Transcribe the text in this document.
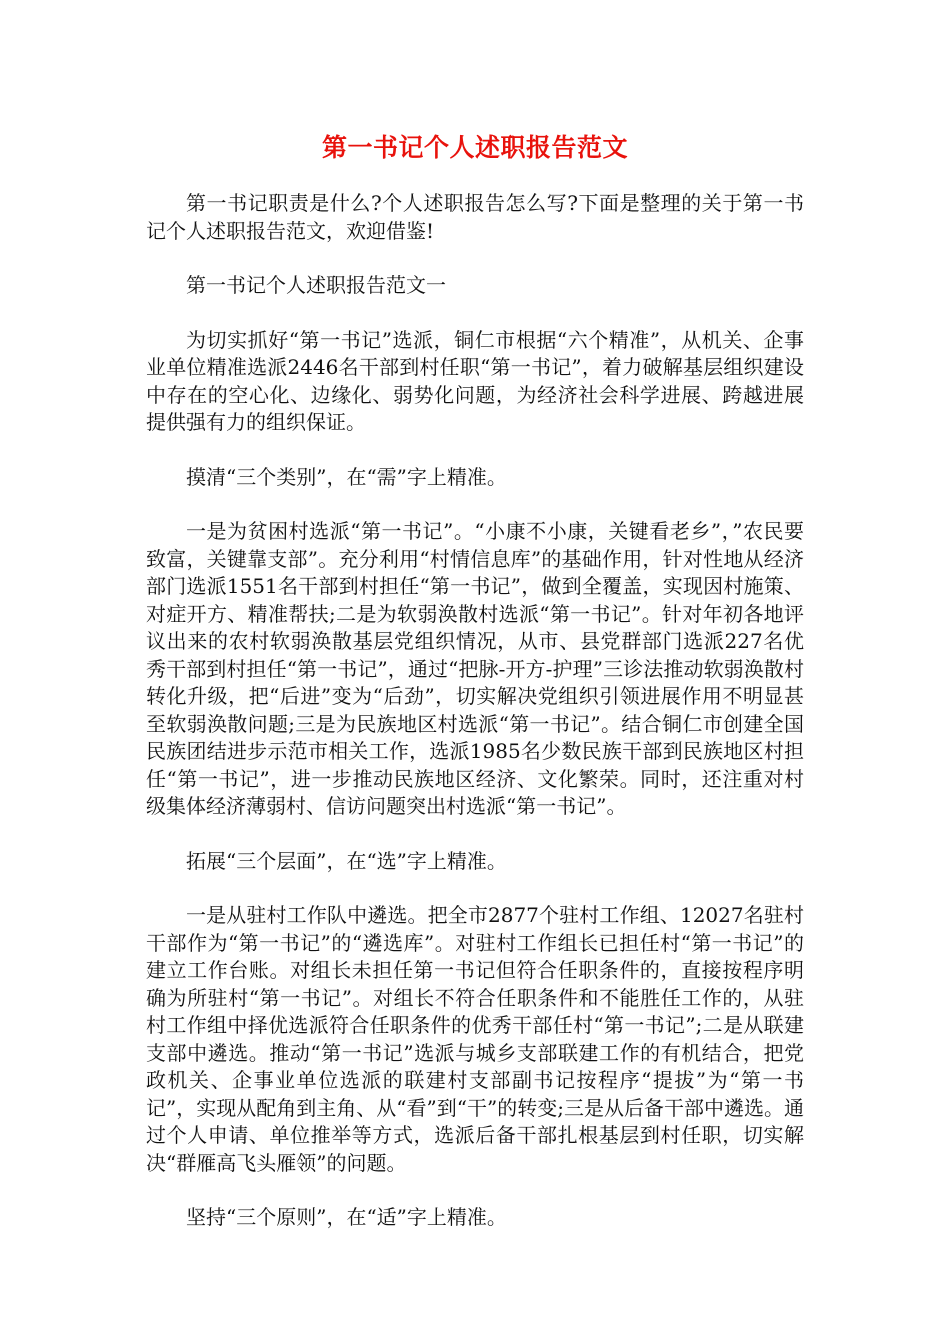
第一书记个人述职报告范文

第一书记职责是什么?个人述职报告怎么写?下面是整理的关于第一书记个人述职报告范文，欢迎借鉴!

第一书记个人述职报告范文一

为切实抓好“第一书记”选派，铜仁市根据“六个精准”，从机关、企事业单位精准选派2446名干部到村任职“第一书记”，着力破解基层组织建设中存在的空心化、边缘化、弱势化问题，为经济社会科学进展、跨越进展提供强有力的组织保证。

摸清“三个类别”，在“需”字上精准。

一是为贫困村选派“第一书记”。“小康不小康，关键看老乡”，”农民要致富，关键靠支部”。充分利用“村情信息库”的基础作用，针对性地从经济部门选派1551名干部到村担任“第一书记”，做到全覆盖，实现因村施策、对症开方、精准帮扶;二是为软弱涣散村选派“第一书记”。针对年初各地评议出来的农村软弱涣散基层党组织情况，从市、县党群部门选派227名优秀干部到村担任“第一书记”，通过“把脉-开方-护理”三诊法推动软弱涣散村转化升级，把“后进”变为“后劲”，切实解决党组织引领进展作用不明显甚至软弱涣散问题;三是为民族地区村选派“第一书记”。结合铜仁市创建全国民族团结进步示范市相关工作，选派1985名少数民族干部到民族地区村担任“第一书记”，进一步推动民族地区经济、文化繁荣。同时，还注重对村级集体经济薄弱村、信访问题突出村选派“第一书记”。

拓展“三个层面”，在“选”字上精准。

一是从驻村工作队中遴选。把全市2877个驻村工作组、12027名驻村干部作为“第一书记”的“遴选库”。对驻村工作组长已担任村“第一书记”的建立工作台账。对组长未担任第一书记但符合任职条件的，直接按程序明确为所驻村“第一书记”。对组长不符合任职条件和不能胜任工作的，从驻村工作组中择优选派符合任职条件的优秀干部任村“第一书记”;二是从联建支部中遴选。推动“第一书记”选派与城乡支部联建工作的有机结合，把党政机关、企事业单位选派的联建村支部副书记按程序“提拔”为“第一书记”，实现从配角到主角、从“看”到“干”的转变;三是从后备干部中遴选。通过个人申请、单位推举等方式，选派后备干部扎根基层到村任职，切实解决“群雁高飞头雁领”的问题。

坚持“三个原则”，在“适”字上精准。
